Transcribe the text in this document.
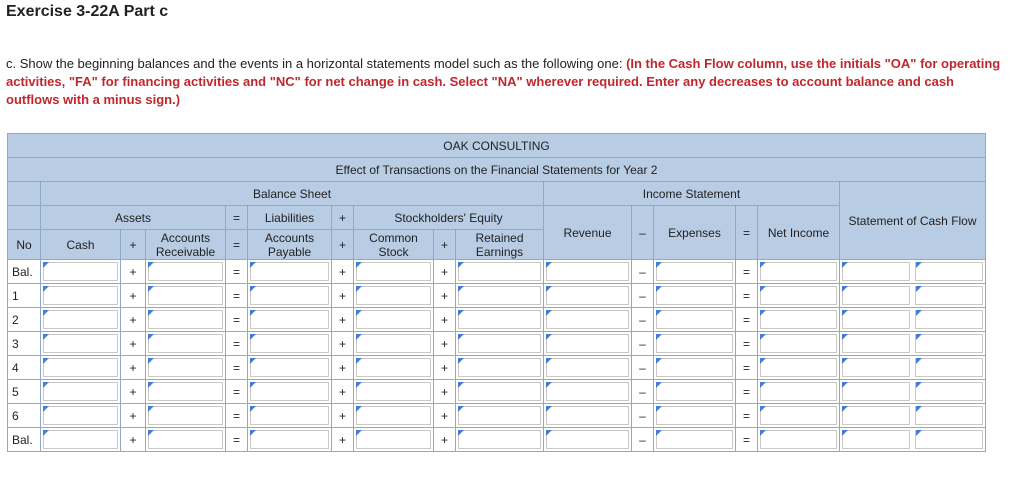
Exercise 3-22A Part c
c. Show the beginning balances and the events in a horizontal statements model such as the following one: (In the Cash Flow column, use the initials "OA" for operating activities, "FA" for financing activities and "NC" for net change in cash. Select "NA" wherever required. Enter any decreases to account balance and cash outflows with a minus sign.)
OAK CONSULTING															
Effect of Transactions on the Financial Statements for Year 2															
	Balance Sheet									Income Statement					Statement of Cash Flow
	Assets			=	Liabilities	+	Stockholders' Equity			Revenue	–	Expenses	=	Net Income	
No	Cash	+	Accounts Receivable	=	Accounts Payable	+	Common Stock	+	Retained Earnings						
Bal.		+		=		+		+			–		=	

1		+		=		+		+			–		=	

2		+		=		+		+			–		=	

3		+		=		+		+			–		=	

4		+		=		+		+			–		=	

5		+		=		+		+			–		=	

6		+		=		+		+			–		=	

Bal.		+		=		+		+			–		=	
